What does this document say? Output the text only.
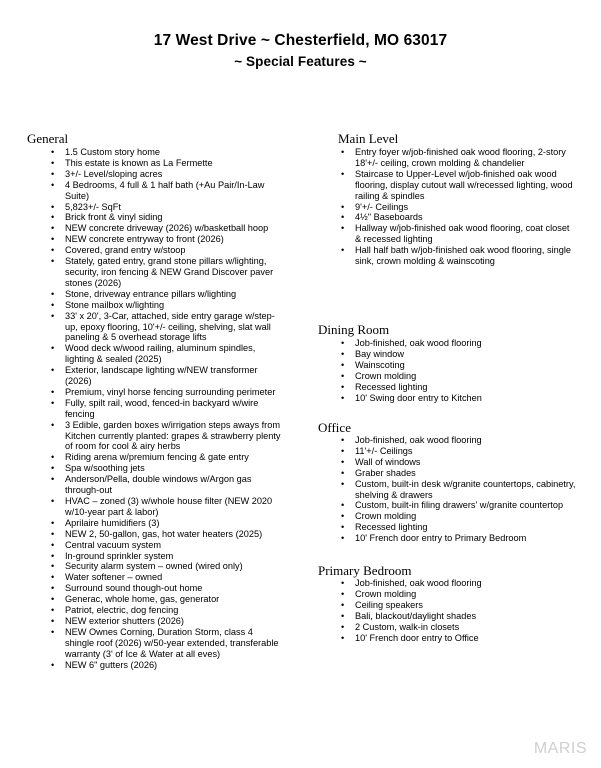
17 West Drive ~ Chesterfield, MO 63017
~ Special Features ~
General
• 1.5 Custom story home
• This estate is known as La Fermette
• 3+/- Level/sloping acres
• 4 Bedrooms, 4 full & 1 half bath (+Au Pair/In-Law Suite)
• 5,823+/- SqFt
• Brick front & vinyl siding
• NEW concrete driveway (2026) w/basketball hoop
• NEW concrete entryway to front (2026)
• Covered, grand entry w/stoop
• Stately, gated entry, grand stone pillars w/lighting, security, iron fencing & NEW Grand Discover paver stones (2026)
• Stone, driveway entrance pillars w/lighting
• Stone mailbox w/lighting
• 33' x 20', 3-Car, attached, side entry garage w/step-up, epoxy flooring, 10'+/- ceiling, shelving, slat wall paneling & 5 overhead storage lifts
• Wood deck w/wood railing, aluminum spindles, lighting & sealed (2025)
• Exterior, landscape lighting w/NEW transformer (2026)
• Premium, vinyl horse fencing surrounding perimeter
• Fully, spilt rail, wood, fenced-in backyard w/wire fencing
• 3 Edible, garden boxes w/irrigation steps aways from Kitchen currently planted: grapes & strawberry plenty of room for cool & airy herbs
• Riding arena w/premium fencing & gate entry
• Spa w/soothing jets
• Anderson/Pella, double windows w/Argon gas through-out
• HVAC – zoned (3) w/whole house filter (NEW 2020 w/10-year part & labor)
• Aprilaire humidifiers (3)
• NEW 2, 50-gallon, gas, hot water heaters (2025)
• Central vacuum system
• In-ground sprinkler system
• Security alarm system – owned (wired only)
• Water softener – owned
• Surround sound though-out home
• Generac, whole home, gas, generator
• Patriot, electric, dog fencing
• NEW exterior shutters (2026)
• NEW Ownes Corning, Duration Storm, class 4 shingle roof (2026) w/50-year extended, transferable warranty (3' of Ice & Water at all eves)
• NEW 6" gutters (2026)
Main Level
• Entry foyer w/job-finished oak wood flooring, 2-story 18'+/- ceiling, crown molding & chandelier
• Staircase to Upper-Level w/job-finished oak wood flooring, display cutout wall w/recessed lighting, wood railing & spindles
• 9'+/- Ceilings
• 4½" Baseboards
• Hallway w/job-finished oak wood flooring, coat closet & recessed lighting
• Hall half bath w/job-finished oak wood flooring, single sink, crown molding & wainscoting
Dining Room
• Job-finished, oak wood flooring
• Bay window
• Wainscoting
• Crown molding
• Recessed lighting
• 10' Swing door entry to Kitchen
Office
• Job-finished, oak wood flooring
• 11'+/- Ceilings
• Wall of windows
• Graber shades
• Custom, built-in desk w/granite countertops, cabinetry, shelving & drawers
• Custom, built-in filing drawers' w/granite countertop
• Crown molding
• Recessed lighting
• 10' French door entry to Primary Bedroom
Primary Bedroom
• Job-finished, oak wood flooring
• Crown molding
• Ceiling speakers
• Bali, blackout/daylight shades
• 2 Custom, walk-in closets
• 10' French door entry to Office
MARIS
